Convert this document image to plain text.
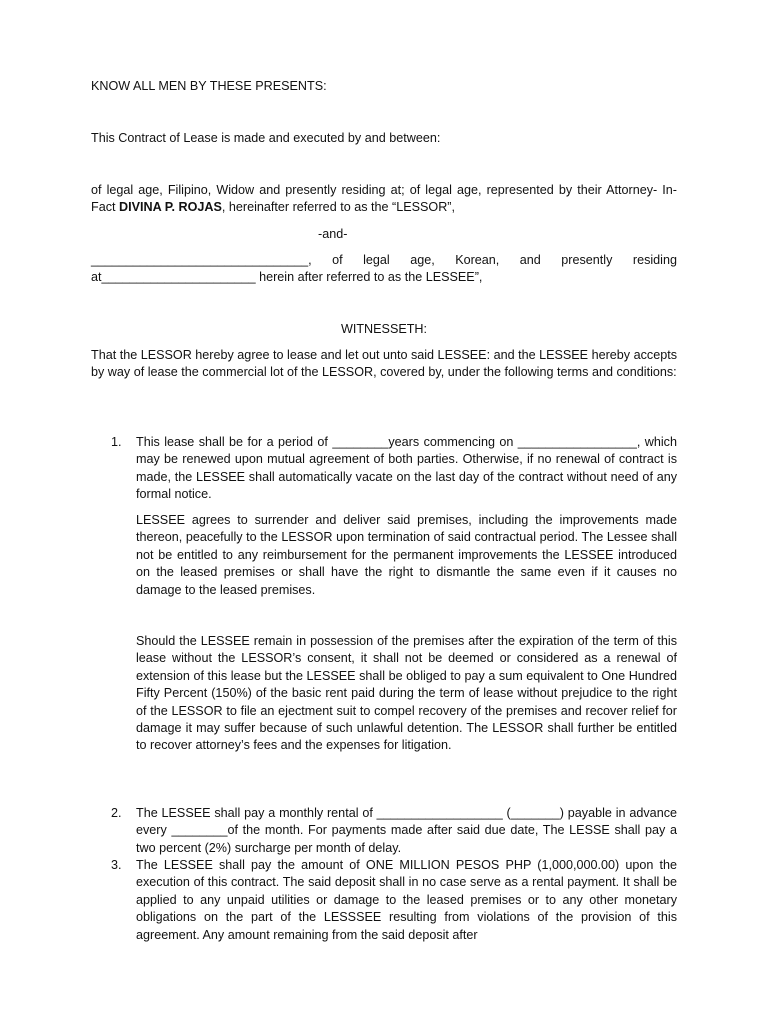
KNOW ALL MEN BY THESE PRESENTS:

This Contract of Lease is made and executed by and between:

of legal age, Filipino, Widow and presently residing at; of legal age, represented by their Attorney- In- Fact DIVINA P. ROJAS, hereinafter referred to as the “LESSOR”,

-and-

_______________________________, of legal age, Korean, and presently residing at______________________ herein after referred to as the LESSEE”,

WITNESSETH:

That the LESSOR hereby agree to lease and let out unto said LESSEE: and the LESSEE hereby accepts by way of lease the commercial lot of the LESSOR, covered by, under the following terms and conditions:

1.	This lease shall be for a period of ________years commencing on _________________, which may be renewed upon mutual agreement of both parties. Otherwise, if no renewal of contract is made, the LESSEE shall automatically vacate on the last day of the contract without need of any formal notice.

LESSEE agrees to surrender and deliver said premises, including the improvements made thereon, peacefully to the LESSOR upon termination of said contractual period. The Lessee shall not be entitled to any reimbursement for the permanent improvements the LESSEE introduced on the leased premises or shall have the right to dismantle the same even if it causes no damage to the leased premises.

Should the LESSEE remain in possession of the premises after the expiration of the term of this lease without the LESSOR’s consent, it shall not be deemed or considered as a renewal of extension of this lease but the LESSEE shall be obliged to pay a sum equivalent to One Hundred Fifty Percent (150%) of the basic rent paid during the term of lease without prejudice to the right of the LESSOR to file an ejectment suit to compel recovery of the premises and recover relief for damage it may suffer because of such unlawful detention. The LESSOR shall further be entitled to recover attorney’s fees and the expenses for litigation.

2.	The LESSEE shall pay a monthly rental of __________________ (_______) payable in advance every ________of the month. For payments made after said due date, The LESSE shall pay a two percent (2%) surcharge per month of delay.

3.	The LESSEE shall pay the amount of ONE MILLION PESOS PHP (1,000,000.00) upon the execution of this contract. The said deposit shall in no case serve as a rental payment. It shall be applied to any unpaid utilities or damage to the leased premises or to any other monetary obligations on the part of the LESSSEE resulting from violations of the provision of this agreement. Any amount remaining from the said deposit after
